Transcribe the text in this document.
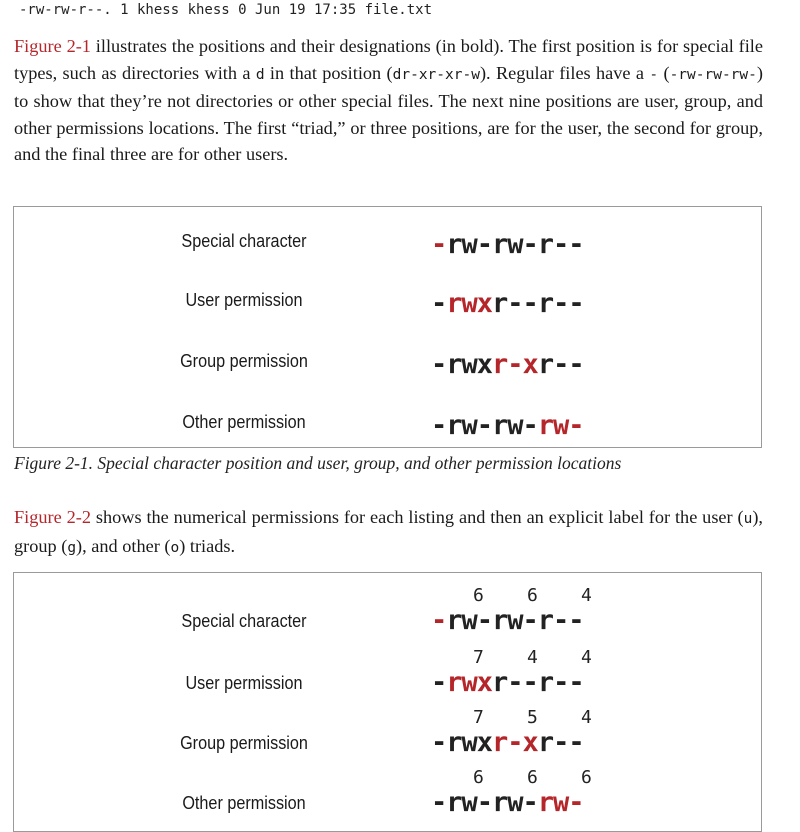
-rw-rw-r--. 1 khess khess 0 Jun 19 17:35 file.txt
Figure 2-1 illustrates the positions and their designations (in bold). The first position is for special file types, such as directories with a d in that position (dr-xr-xr-w). Regular files have a - (-rw-rw-rw-) to show that they’re not directories or other special files. The next nine positions are user, group, and other permissions locations. The first “triad,” or three positions, are for the user, the second for group, and the final three are for other users.
Special character	-rw-rw-r--
User permission	-rwxr--r--
Group permission	-rwxr-xr--
Other permission	-rw-rw-rw-
Figure 2-1. Special character position and user, group, and other permission locations
Figure 2-2 shows the numerical permissions for each listing and then an explicit label for the user (u), group (g), and other (o) triads.
6 6 4
Special character	-rw-rw-r--
7 4 4
User permission	-rwxr--r--
7 5 4
Group permission	-rwxr-xr--
6 6 6
Other permission	-rw-rw-rw-
